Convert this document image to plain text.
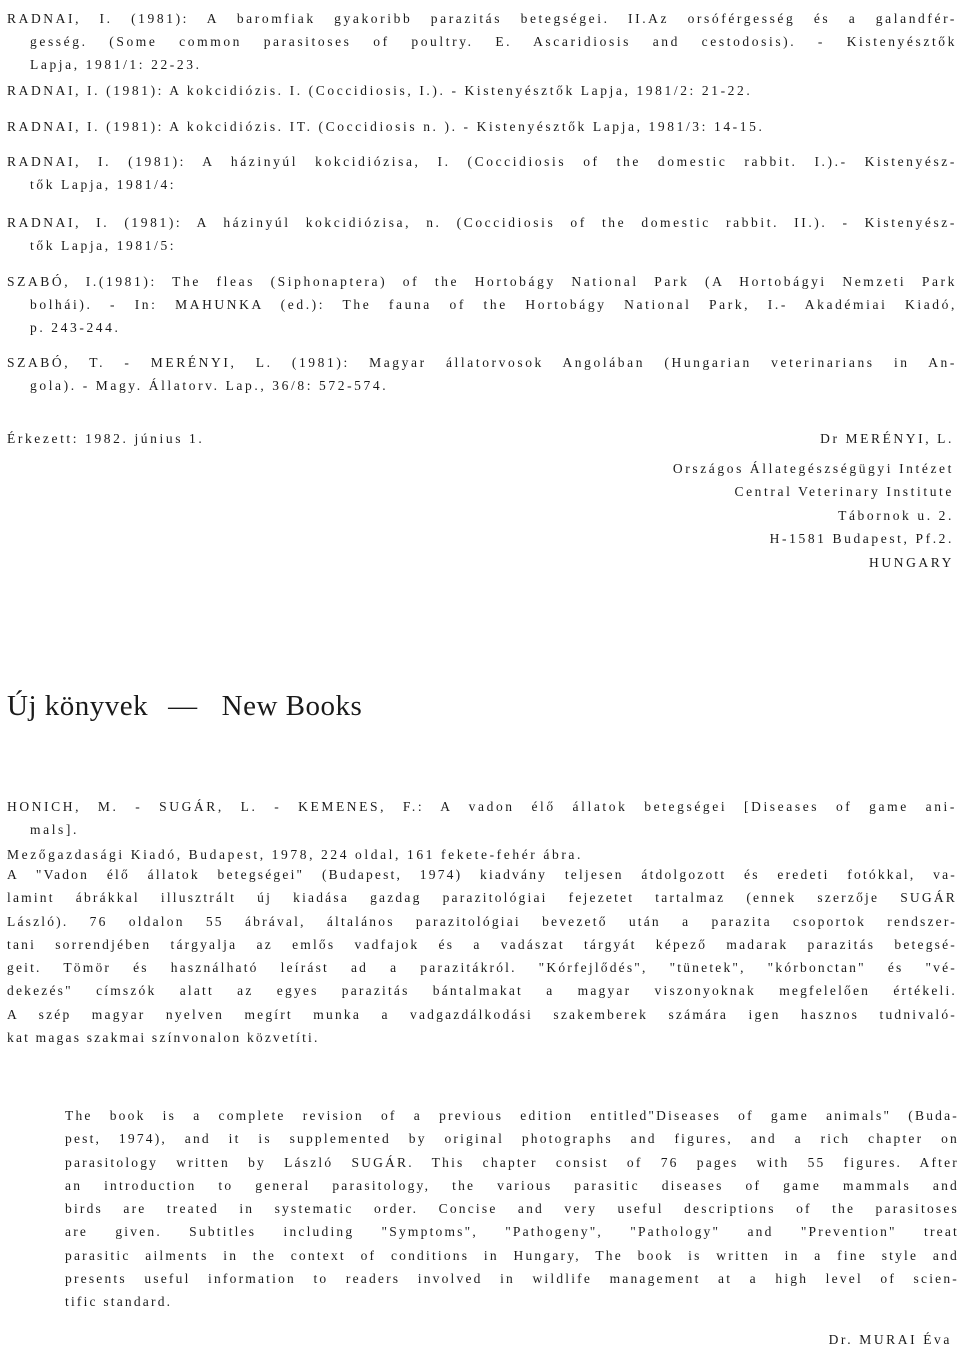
RADNAI, I. (1981): A baromfiak gyakoribb parazitás betegségei. II.Az orsóférgesség és a galandfér-
gesség. (Some common parasitoses of poultry. E. Ascaridiosis and cestodosis). - Kistenyésztők
Lapja, 1981/1: 22-23.
RADNAI, I. (1981): A kokcidiózis. I. (Coccidiosis, I.). - Kistenyésztők Lapja, 1981/2: 21-22.
RADNAI, I. (1981): A kokcidiózis. IT. (Coccidiosis n. ). - Kistenyésztők Lapja, 1981/3: 14-15.
RADNAI, I. (1981): A házinyúl kokcidiózisa, I. (Coccidiosis of the domestic rabbit. I.).- Kistenyész-
tők Lapja, 1981/4:
RADNAI, I. (1981): A házinyúl kokcidiózisa, n. (Coccidiosis of the domestic rabbit. II.). - Kistenyész-
tők Lapja, 1981/5:
SZABÓ, I.(1981): The fleas (Siphonaptera) of the Hortobágy National Park (A Hortobágyi Nemzeti Park
bolhái). - In: MAHUNKA (ed.): The fauna of the Hortobágy National Park, I.- Akadémiai Kiadó,
p. 243-244.
SZABÓ, T. - MERÉNYI, L. (1981): Magyar állatorvosok Angolában (Hungarian veterinarians in An-
gola). - Magy. Állatorv. Lap., 36/8: 572-574.
Érkezett: 1982. június 1.	Dr MERÉNYI, L.
Országos Állategészségügyi Intézet
Central Veterinary Institute
Tábornok u. 2.
H-1581 Budapest, Pf.2.
HUNGARY
Új könyvek — New Books
HONICH, M. - SUGÁR, L. - KEMENES, F.: A vadon élő állatok betegségei [Diseases of game ani-
mals].
Mezőgazdasági Kiadó, Budapest, 1978, 224 oldal, 161 fekete-fehér ábra.
A "Vadon élő állatok betegségei" (Budapest, 1974) kiadvány teljesen átdolgozott és eredeti fotókkal, va-
lamint ábrákkal illusztrált új kiadása gazdag parazitológiai fejezetet tartalmaz (ennek szerzője SUGÁR
László). 76 oldalon 55 ábrával, általános parazitológiai bevezető után a parazita csoportok rendszer-
tani sorrendjében tárgyalja az emlős vadfajok és a vadászat tárgyát képező madarak parazitás betegsé-
geit. Tömör és használható leírást ad a parazitákról. "Kórfejlődés", "tünetek", "kórbonctan" és "vé-
dekezés" címszók alatt az egyes parazitás bántalmakat a magyar viszonyoknak megfelelően értékeli.
A szép magyar nyelven megírt munka a vadgazdálkodási szakemberek számára igen hasznos tudnivaló-
kat magas szakmai színvonalon közvetíti.
The book is a complete revision of a previous edition entitled"Diseases of game animals" (Buda-
pest, 1974), and it is supplemented by original photographs and figures, and a rich chapter on
parasitology written by László SUGÁR. This chapter consist of 76 pages with 55 figures. After
an introduction to general parasitology, the various parasitic diseases of game mammals and
birds are treated in systematic order. Concise and very useful descriptions of the parasitoses
are given. Subtitles including "Symptoms", "Pathogeny", "Pathology" and "Prevention" treat
parasitic ailments in the context of conditions in Hungary, The book is written in a fine style and
presents useful information to readers involved in wildlife management at a high level of scien-
tific standard.
Dr. MURAI Éva
